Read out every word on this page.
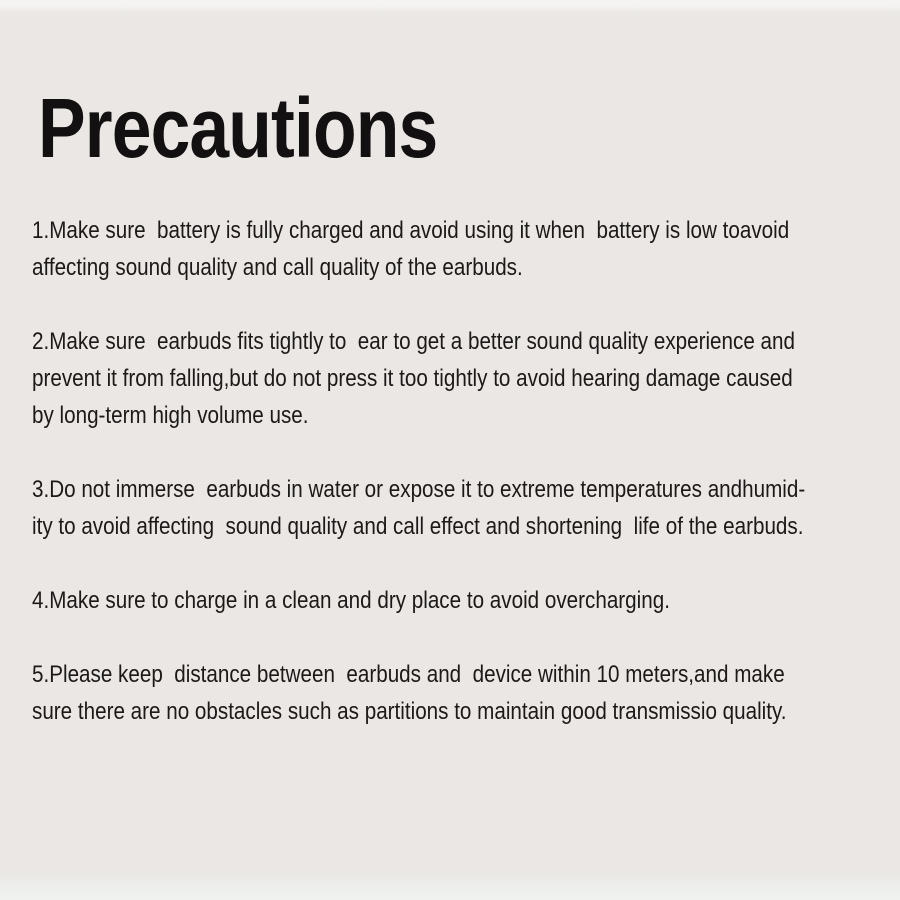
Precautions

1.Make sure  battery is fully charged and avoid using it when  battery is low toavoid
affecting sound quality and call quality of the earbuds.

2.Make sure  earbuds fits tightly to  ear to get a better sound quality experience and
prevent it from falling,but do not press it too tightly to avoid hearing damage caused
by long-term high volume use.

3.Do not immerse  earbuds in water or expose it to extreme temperatures andhumid-
ity to avoid affecting  sound quality and call effect and shortening  life of the earbuds.

4.Make sure to charge in a clean and dry place to avoid overcharging.

5.Please keep  distance between  earbuds and  device within 10 meters,and make
sure there are no obstacles such as partitions to maintain good transmissio quality.
